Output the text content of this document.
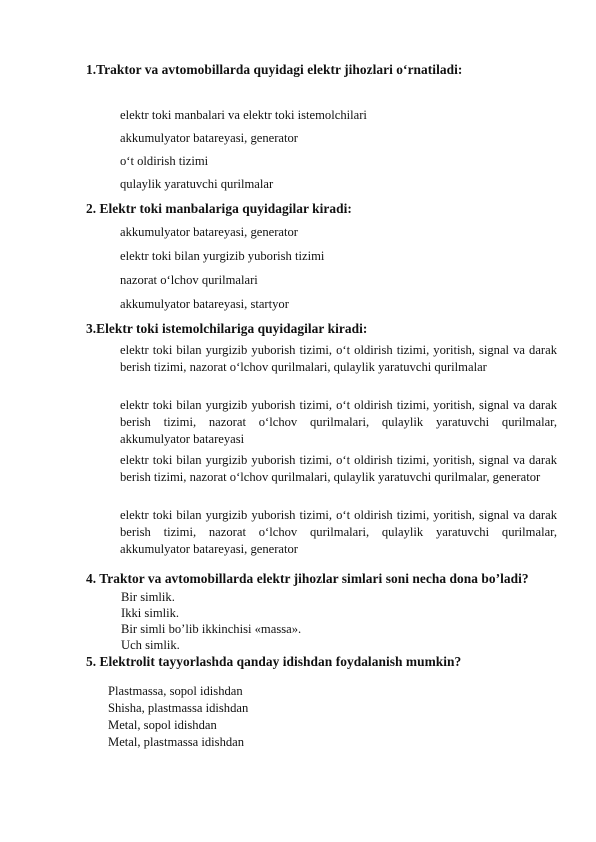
1.Traktor va avtomobillarda quyidagi elektr jihozlari o‘rnatiladi:
elektr toki manbalari va elektr toki istemolchilari
akkumulyator batareyasi, generator
o‘t oldirish tizimi
qulaylik yaratuvchi qurilmalar
2. Elektr toki manbalariga quyidagilar kiradi:
akkumulyator batareyasi, generator
elektr toki bilan yurgizib yuborish tizimi
nazorat o‘lchov qurilmalari
akkumulyator batareyasi, startyor
3.Elektr toki istemolchilariga quyidagilar kiradi:
elektr toki bilan yurgizib yuborish tizimi, o‘t oldirish tizimi, yoritish, signal va darak berish tizimi, nazorat o‘lchov qurilmalari, qulaylik yaratuvchi qurilmalar
elektr toki bilan yurgizib yuborish tizimi, o‘t oldirish tizimi, yoritish, signal va darak berish tizimi, nazorat o‘lchov qurilmalari, qulaylik yaratuvchi qurilmalar, akkumulyator batareyasi
elektr toki bilan yurgizib yuborish tizimi, o‘t oldirish tizimi, yoritish, signal va darak berish tizimi, nazorat o‘lchov qurilmalari, qulaylik yaratuvchi qurilmalar, generator
elektr toki bilan yurgizib yuborish tizimi, o‘t oldirish tizimi, yoritish, signal va darak berish tizimi, nazorat o‘lchov qurilmalari, qulaylik yaratuvchi qurilmalar, akkumulyator batareyasi, generator
4. Traktor va avtomobillarda elektr jihozlar simlari soni necha dona bo’ladi?
Bir simlik.
Ikki simlik.
Bir simli bo’lib ikkinchisi «massa».
Uch simlik.
5. Elektrolit tayyorlashda qanday idishdan foydalanish mumkin?
Plastmassa, sopol idishdan
Shisha, plastmassa idishdan
Metal, sopol idishdan
Metal, plastmassa idishdan
